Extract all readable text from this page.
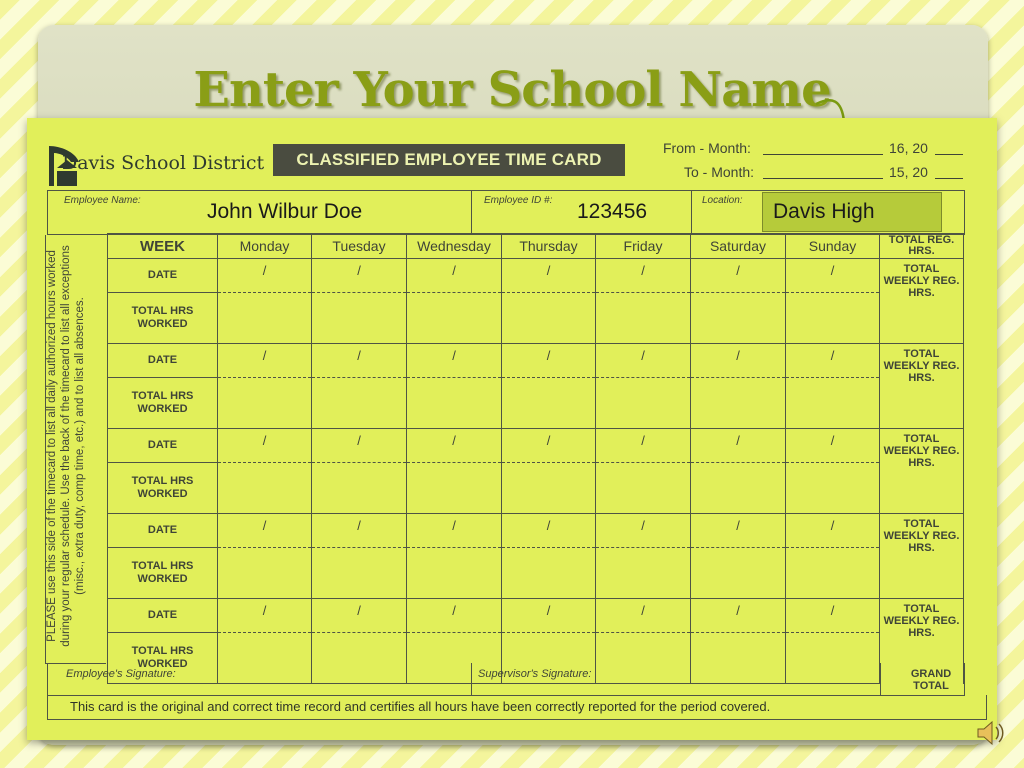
Enter Your School Name
Davis School District	CLASSIFIED EMPLOYEE TIME CARD
From - Month:	16, 20
To - Month:	15, 20
Employee Name:	Employee ID #:	Location:
John Wilbur Doe	123456	Davis High
PLEASE use this side of the timecard to list all daily authorized hours worked during your regular schedule. Use the back of the timecard to list all exceptions (misc., extra duty, comp time, etc.) and to list all absences.
WEEK	Monday	Tuesday	Wednesday	Thursday	Friday	Saturday	Sunday	TOTAL REG. HRS.
DATE	/	/	/	/	/	/	/	TOTAL WEEKLY REG. HRS.
TOTAL HRS WORKED								
DATE	/	/	/	/	/	/	/	TOTAL WEEKLY REG. HRS.
TOTAL HRS WORKED								
DATE	/	/	/	/	/	/	/	TOTAL WEEKLY REG. HRS.
TOTAL HRS WORKED								
DATE	/	/	/	/	/	/	/	TOTAL WEEKLY REG. HRS.
TOTAL HRS WORKED								
DATE	/	/	/	/	/	/	/	TOTAL WEEKLY REG. HRS.
TOTAL HRS WORKED								
Employee's Signature:	Supervisor's Signature:	GRAND TOTAL
This card is the original and correct time record and certifies all hours have been correctly reported for the period covered.
